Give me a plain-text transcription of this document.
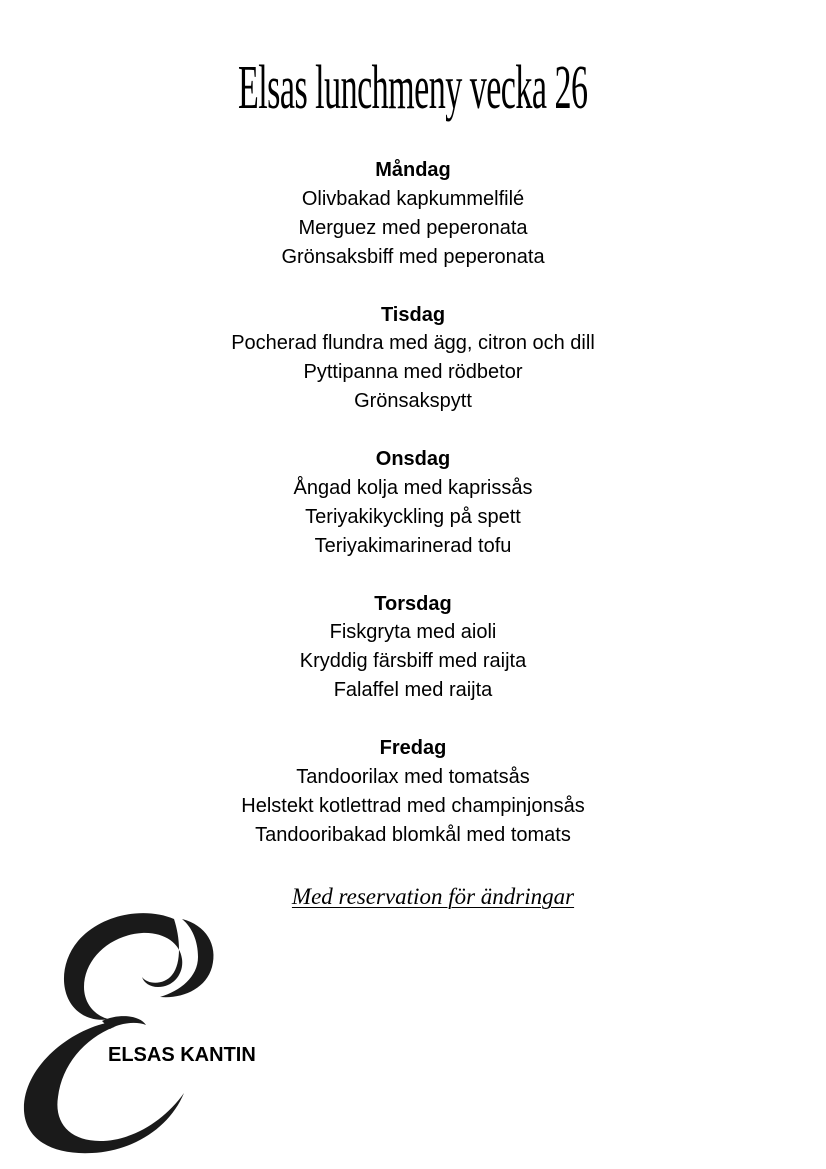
Elsas lunchmeny vecka 26
Måndag
Olivbakad kapkummelfilé
Merguez med peperonata
Grönsaksbiff med peperonata
Tisdag
Pocherad flundra med ägg, citron och dill
Pyttipanna med rödbetor
Grönsakspytt
Onsdag
Ångad kolja med kaprissås
Teriyakikyckling på spett
Teriyakimarinerad tofu
Torsdag
Fiskgryta med aioli
Kryddig färsbiff med raijta
Falaffel med raijta
Fredag
Tandoorilax med tomatsås
Helstekt kotlettrad med champinjonsås
Tandooribakad blomkål med tomats
Med reservation för ändringar
ELSAS KANTIN
